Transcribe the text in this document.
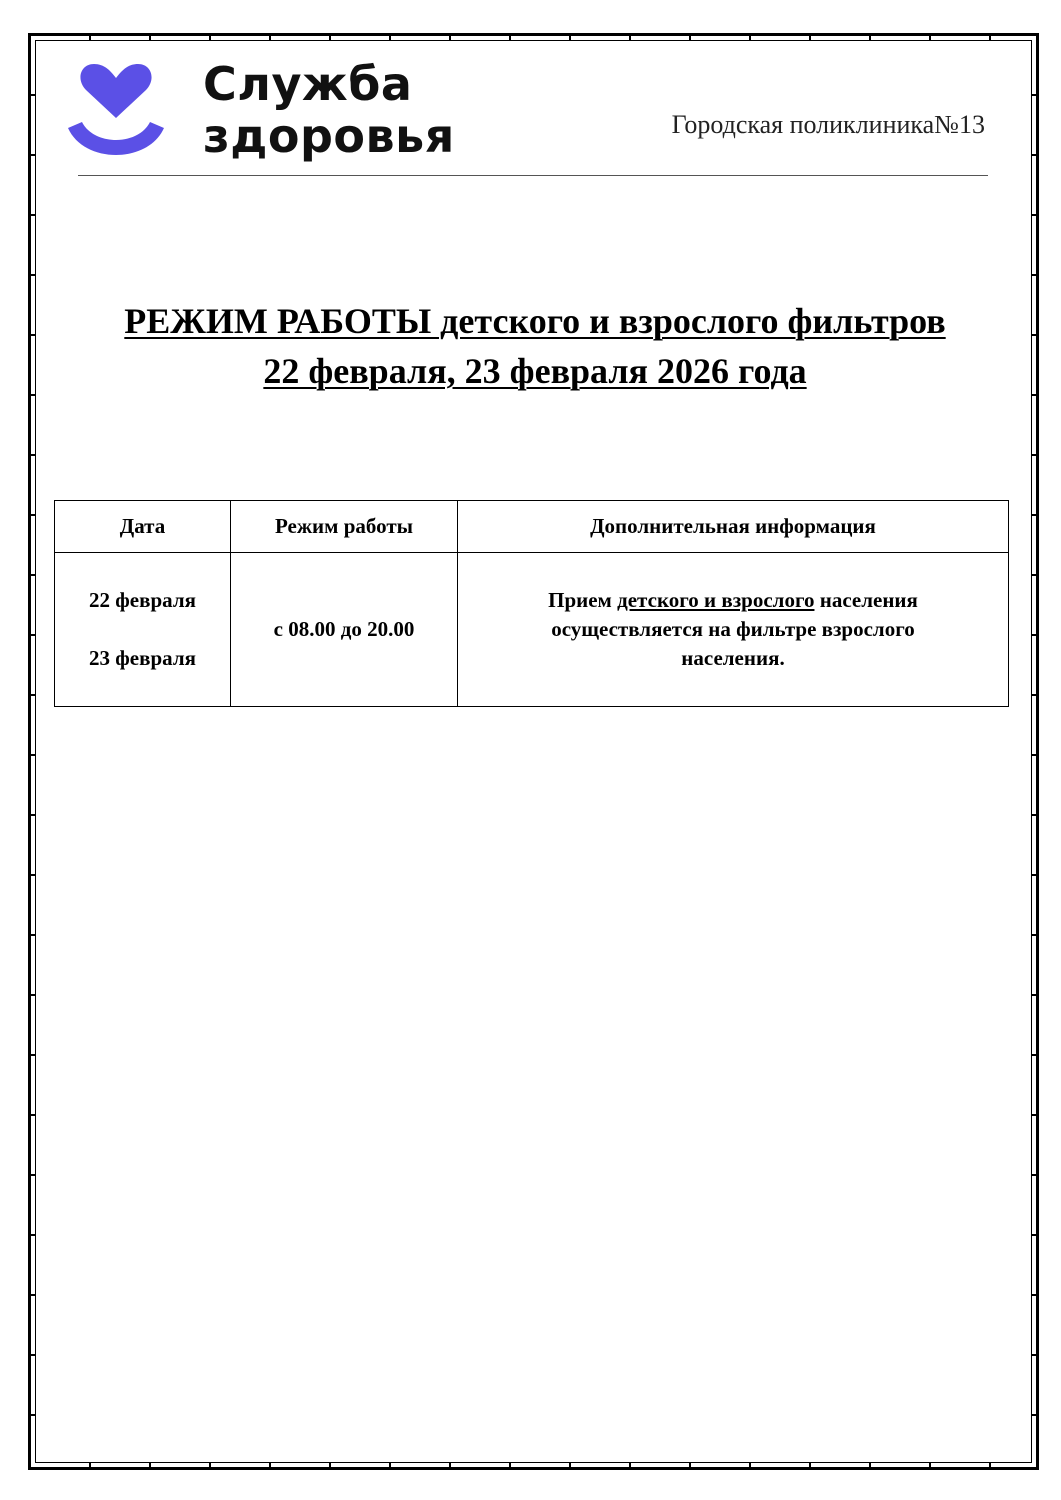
Служба
здоровья	Городская поликлиника№13
РЕЖИМ РАБОТЫ детского и взрослого фильтров
22 февраля, 23 февраля 2026 года
Дата	Режим работы	Дополнительная информация

22 февраля
23 февраля	с 08.00 до 20.00	Прием детского и взрослого населения осуществляется на фильтре взрослого населения.
